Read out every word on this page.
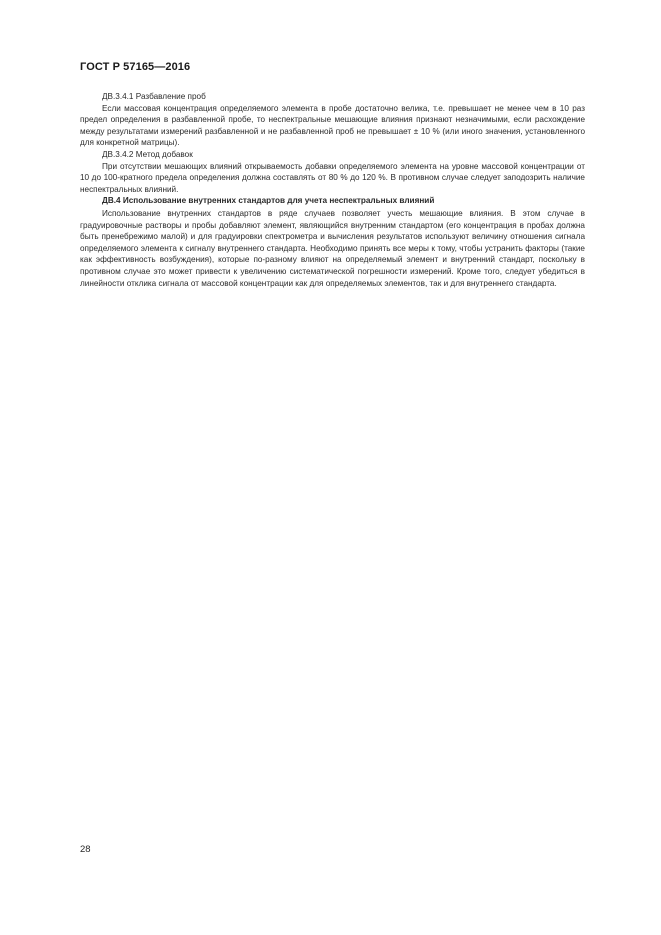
ГОСТ Р 57165—2016

ДВ.3.4.1 Разбавление проб

Если массовая концентрация определяемого элемента в пробе достаточно велика, т.е. превышает не менее чем в 10 раз предел определения в разбавленной пробе, то неспектральные мешающие влияния признают незначимыми, если расхождение между результатами измерений разбавленной и не разбавленной проб не превышает ± 10 % (или иного значения, установленного для конкретной матрицы).

ДВ.3.4.2 Метод добавок

При отсутствии мешающих влияний открываемость добавки определяемого элемента на уровне массовой концентрации от 10 до 100-кратного предела определения должна составлять от 80 % до 120 %. В противном случае следует заподозрить наличие неспектральных влияний.

ДВ.4 Использование внутренних стандартов для учета неспектральных влияний

Использование внутренних стандартов в ряде случаев позволяет учесть мешающие влияния. В этом случае в градуировочные растворы и пробы добавляют элемент, являющийся внутренним стандартом (его концентрация в пробах должна быть пренебрежимо малой) и для градуировки спектрометра и вычисления результатов используют величину отношения сигнала определяемого элемента к сигналу внутреннего стандарта. Необходимо принять все меры к тому, чтобы устранить факторы (такие как эффективность возбуждения), которые по-разному влияют на определяемый элемент и внутренний стандарт, поскольку в противном случае это может привести к увеличению систематической погрешности измерений. Кроме того, следует убедиться в линейности отклика сигнала от массовой концентрации как для определяемых элементов, так и для внутреннего стандарта.

28
